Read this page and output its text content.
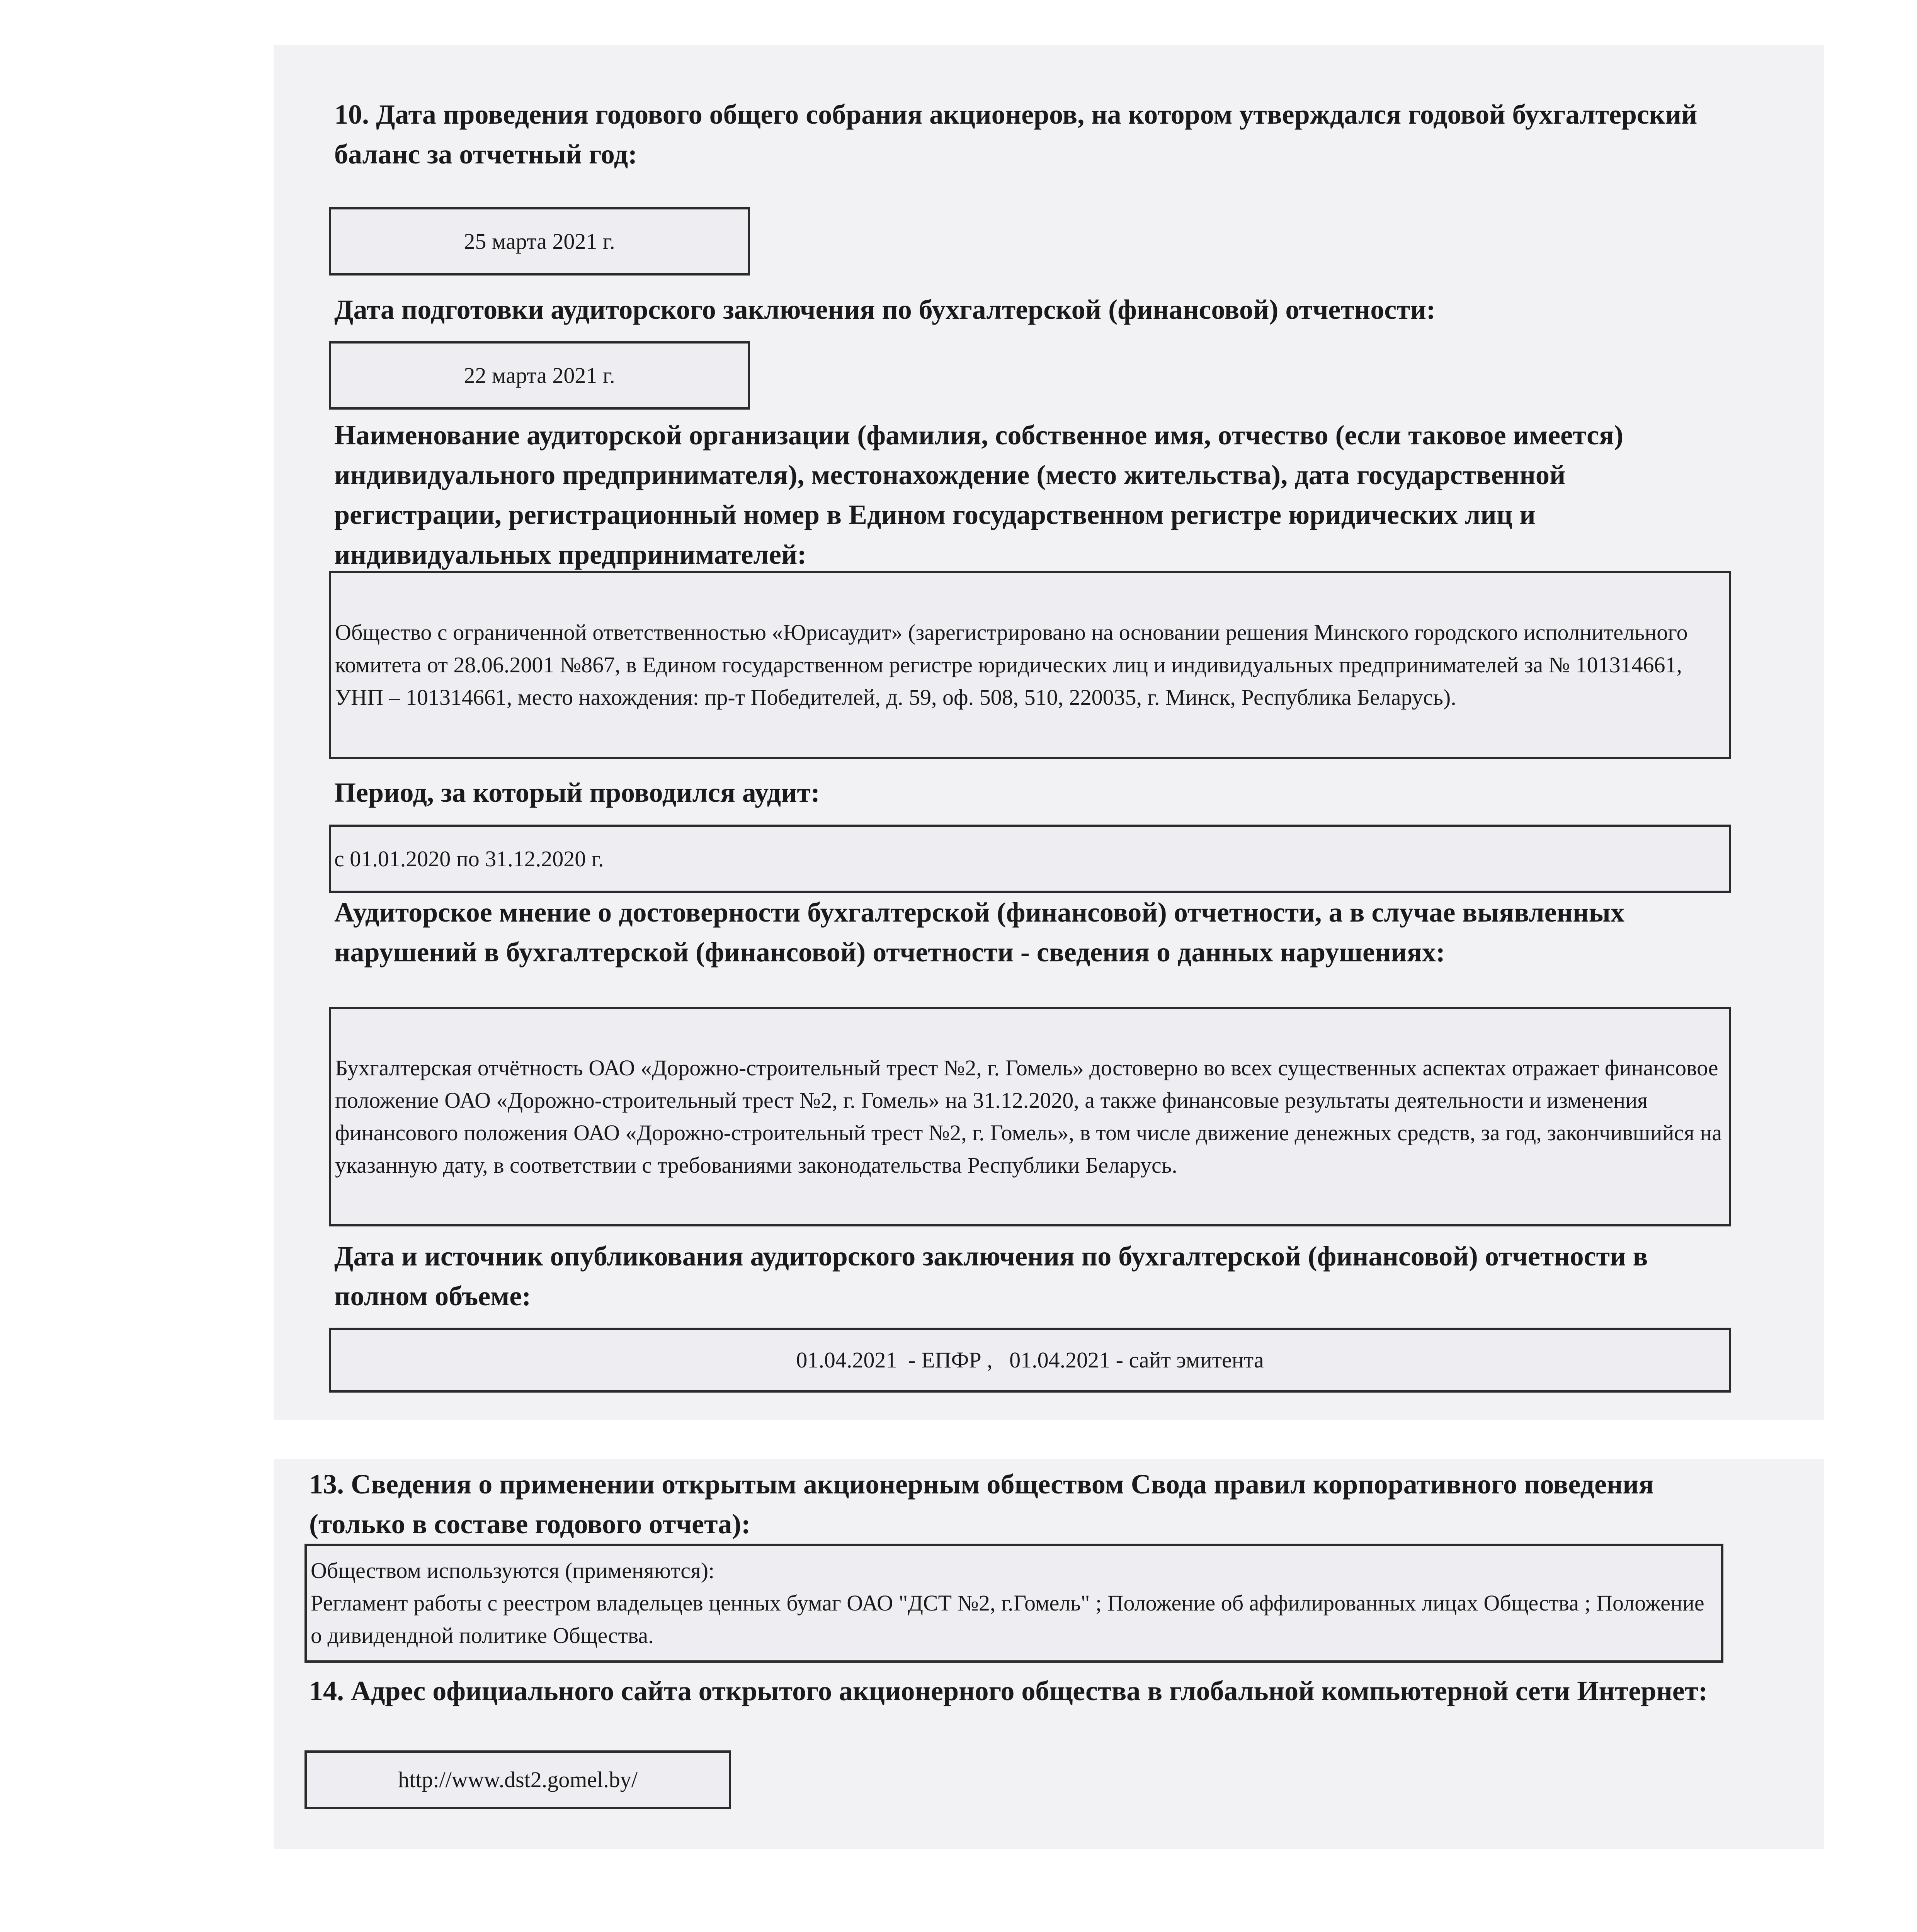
10. Дата проведения годового общего собрания акционеров, на котором утверждался годовой бухгалтерский баланс за отчетный год:

25 марта 2021 г.

Дата подготовки аудиторского заключения по бухгалтерской (финансовой) отчетности:

22 марта 2021 г.

Наименование аудиторской организации (фамилия, собственное имя, отчество (если таковое имеется) индивидуального предпринимателя), местонахождение (место жительства), дата государственной регистрации, регистрационный номер в Едином государственном регистре юридических лиц и индивидуальных предпринимателей:

Общество с ограниченной ответственностью «Юрисаудит» (зарегистрировано на основании решения Минского городского исполнительного комитета от 28.06.2001 №867, в Едином государственном регистре юридических лиц и индивидуальных предпринимателей за № 101314661, УНП – 101314661, место нахождения: пр-т Победителей, д. 59, оф. 508, 510, 220035, г. Минск, Республика Беларусь).

Период, за который проводился аудит:

с 01.01.2020 по 31.12.2020 г.

Аудиторское мнение о достоверности бухгалтерской (финансовой) отчетности, а в случае выявленных нарушений в бухгалтерской (финансовой) отчетности - сведения о данных нарушениях:

Бухгалтерская отчётность ОАО «Дорожно-строительный трест №2, г. Гомель» достоверно во всех существенных аспектах отражает финансовое положение ОАО «Дорожно-строительный трест №2, г. Гомель» на 31.12.2020, а также финансовые результаты деятельности и изменения финансового положения ОАО «Дорожно-строительный трест №2, г. Гомель», в том числе движение денежных средств, за год, закончившийся на указанную дату, в соответствии с требованиями законодательства Республики Беларусь.

Дата и источник опубликования аудиторского заключения по бухгалтерской (финансовой) отчетности в полном объеме:

01.04.2021  - ЕПФР ,   01.04.2021 - сайт эмитента

13. Сведения о применении открытым акционерным обществом Свода правил корпоративного поведения (только в составе годового отчета):

Обществом используются (применяются):

Регламент работы с реестром владельцев ценных бумаг ОАО "ДСТ №2, г.Гомель" ; Положение об аффилированных лицах Общества ; Положение о дивидендной политике Общества.

14. Адрес официального сайта открытого акционерного общества в глобальной компьютерной сети Интернет:

http://www.dst2.gomel.by/
